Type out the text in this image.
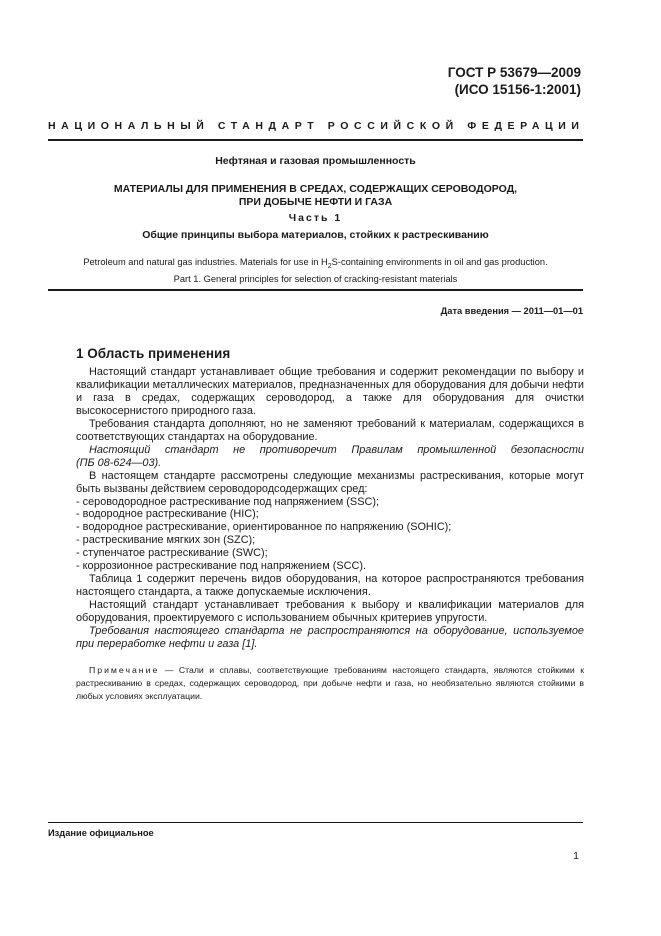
ГОСТ Р 53679—2009
(ИСО 15156-1:2001)
НАЦИОНАЛЬНЫЙ СТАНДАРТ РОССИЙСКОЙ ФЕДЕРАЦИИ
Нефтяная и газовая промышленность
МАТЕРИАЛЫ ДЛЯ ПРИМЕНЕНИЯ В СРЕДАХ, СОДЕРЖАЩИХ СЕРОВОДОРОД,
ПРИ ДОБЫЧЕ НЕФТИ И ГАЗА
Часть 1
Общие принципы выбора материалов, стойких к растрескиванию
Petroleum and natural gas industries. Materials for use in $H_2S$-containing environments in oil and gas production.
Part 1. General principles for selection of cracking-resistant materials
Дата введения — 2011—01—01
1 Область применения

Настоящий стандарт устанавливает общие требования и содержит рекомендации по выбору и квалификации металлических материалов, предназначенных для оборудования для добычи нефти и газа в средах, содержащих сероводород, а также для оборудования для очистки высокосернистого природного газа.

Требования стандарта дополняют, но не заменяют требований к материалам, содержащихся в соответствующих стандартах на оборудование.

Настоящий стандарт не противоречит Правилам промышленной безопасности

(ПБ 08-624—03).

В настоящем стандарте рассмотрены следующие механизмы растрескивания, которые могут быть вызваны действием сероводородсодержащих сред:

- сероводородное растрескивание под напряжением (SSC);

- водородное растрескивание (HIC);

- водородное растрескивание, ориентированное по напряжению (SOHIC);

- растрескивание мягких зон (SZC);

- ступенчатое растрескивание (SWC);

- коррозионное растрескивание под напряжением (SCC).

Таблица 1 содержит перечень видов оборудования, на которое распространяются требования настоящего стандарта, а также допускаемые исключения.

Настоящий стандарт устанавливает требования к выбору и квалификации материалов для оборудования, проектируемого с использованием обычных критериев упругости.

Требования настоящего стандарта не распространяются на оборудование, используемое при переработке нефти и газа [1].

Примечание — Стали и сплавы, соответствующие требованиям настоящего стандарта, являются стойкими к растрескиванию в средах, содержащих сероводород, при добыче нефти и газа, но необязательно являются стойкими в любых условиях эксплуатации.
Издание официальное
1
